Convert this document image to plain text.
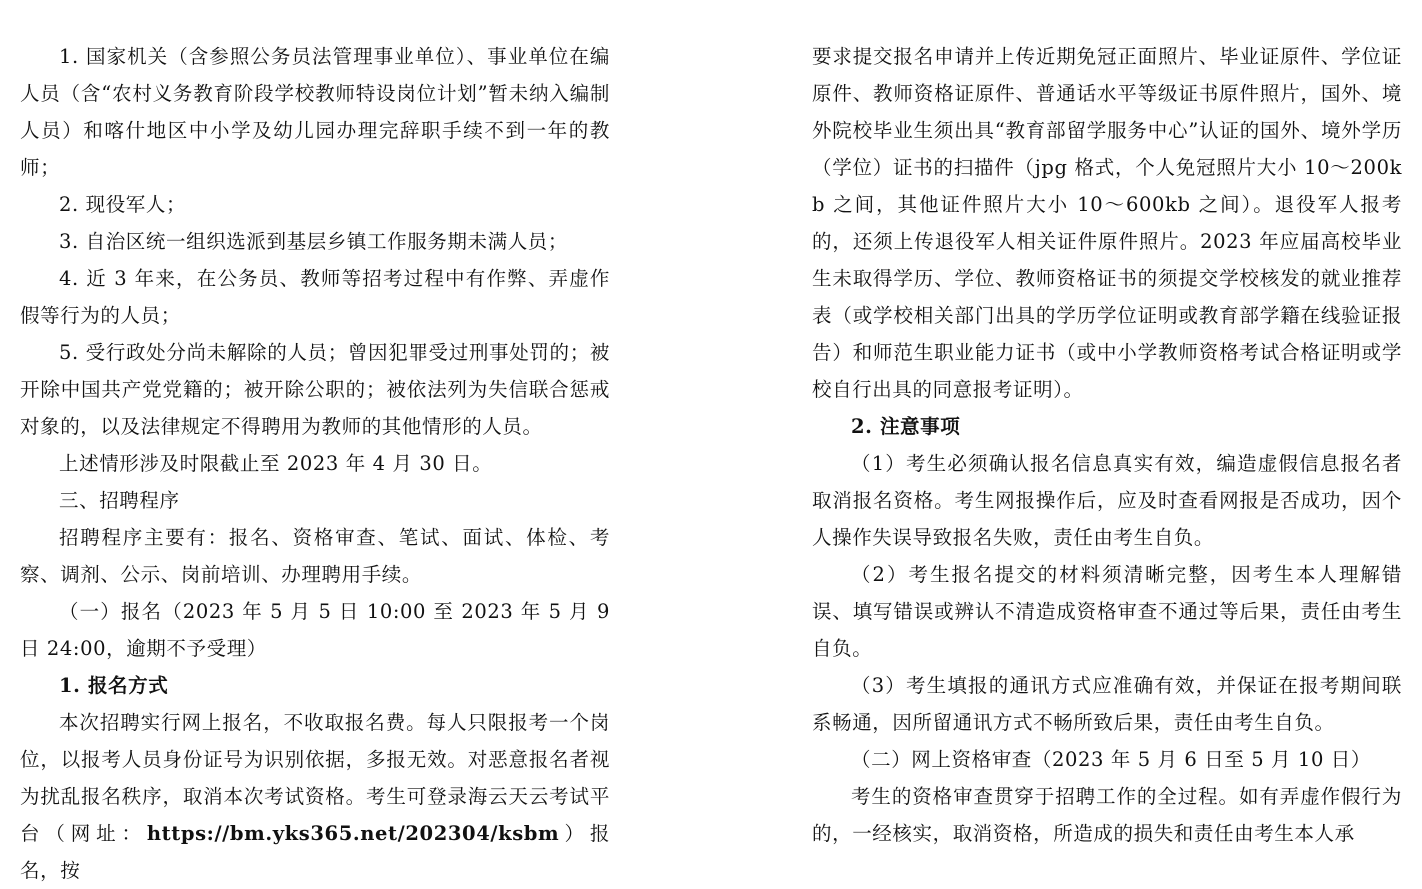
1. 国家机关（含参照公务员法管理事业单位）、事业单位在编人员（含“农村义务教育阶段学校教师特设岗位计划”暂未纳入编制人员）和喀什地区中小学及幼儿园办理完辞职手续不到一年的教师；

2. 现役军人；

3. 自治区统一组织选派到基层乡镇工作服务期未满人员；

4. 近 3 年来，在公务员、教师等招考过程中有作弊、弄虚作假等行为的人员；

5. 受行政处分尚未解除的人员；曾因犯罪受过刑事处罚的；被开除中国共产党党籍的；被开除公职的；被依法列为失信联合惩戒对象的，以及法律规定不得聘用为教师的其他情形的人员。

上述情形涉及时限截止至 2023 年 4 月 30 日。

三、招聘程序

招聘程序主要有：报名、资格审查、笔试、面试、体检、考察、调剂、公示、岗前培训、办理聘用手续。

（一）报名（2023 年 5 月 5 日 10:00 至 2023 年 5 月 9 日 24:00，逾期不予受理）

1. 报名方式

本次招聘实行网上报名，不收取报名费。每人只限报考一个岗位，以报考人员身份证号为识别依据，多报无效。对恶意报名者视为扰乱报名秩序，取消本次考试资格。考生可登录海云天云考试平台（网址：https://bm.yks365.net/202304/ksbm）报名，按

要求提交报名申请并上传近期免冠正面照片、毕业证原件、学位证原件、教师资格证原件、普通话水平等级证书原件照片，国外、境外院校毕业生须出具“教育部留学服务中心”认证的国外、境外学历（学位）证书的扫描件（jpg 格式，个人免冠照片大小 10～200kb 之间，其他证件照片大小 10～600kb 之间）。退役军人报考的，还须上传退役军人相关证件原件照片。2023 年应届高校毕业生未取得学历、学位、教师资格证书的须提交学校核发的就业推荐表（或学校相关部门出具的学历学位证明或教育部学籍在线验证报告）和师范生职业能力证书（或中小学教师资格考试合格证明或学校自行出具的同意报考证明）。

2. 注意事项

（1）考生必须确认报名信息真实有效，编造虚假信息报名者取消报名资格。考生网报操作后，应及时查看网报是否成功，因个人操作失误导致报名失败，责任由考生自负。

（2）考生报名提交的材料须清晰完整，因考生本人理解错误、填写错误或辨认不清造成资格审查不通过等后果，责任由考生自负。

（3）考生填报的通讯方式应准确有效，并保证在报考期间联系畅通，因所留通讯方式不畅所致后果，责任由考生自负。

（二）网上资格审查（2023 年 5 月 6 日至 5 月 10 日）

考生的资格审查贯穿于招聘工作的全过程。如有弄虚作假行为的，一经核实，取消资格，所造成的损失和责任由考生本人承
